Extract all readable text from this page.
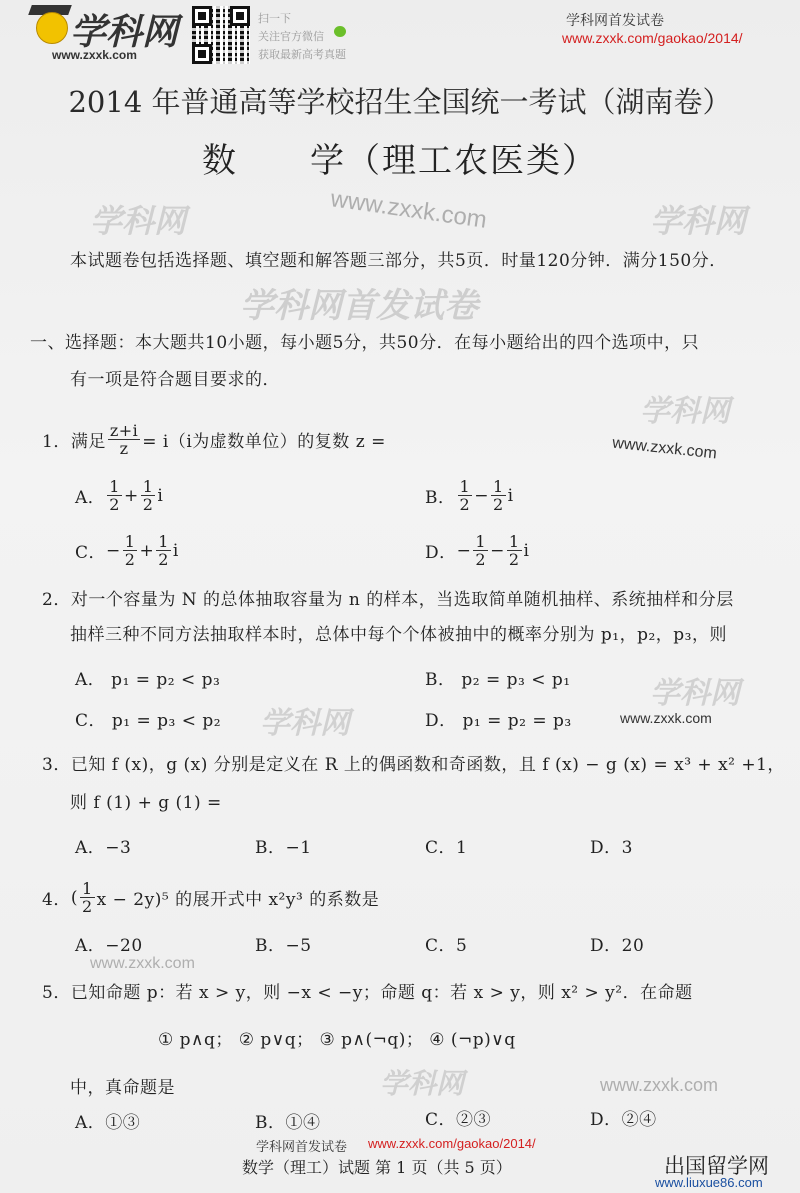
学科网
www.zxxk.com
扫一下
关注官方微信
获取最新高考真题
学科网首发试卷
www.zxxk.com/gaokao/2014/
2014 年普通高等学校招生全国统一考试（湖南卷）
数　　学（理工农医类）
www.zxxk.com
学科网	学科网
学科网首发试卷
学科网
www.zxxk.com
学科网
学科网
www.zxxk.com
www.zxxk.com
www.zxxk.com
学科网
本试题卷包括选择题、填空题和解答题三部分，共5页．时量120分钟．满分150分．
一、选择题：本大题共10小题，每小题5分，共50分．在每小题给出的四个选项中，只
有一项是符合题目要求的．
1． 满足 $\frac{z+i}{z} = i(i$为虚数单位）的复数 z =
A． $\frac{1}{2} + \frac{1}{2}$ i	B． $\frac{1}{2} - \frac{1}{2}$ i
C． − $\frac{1}{2} + \frac{1}{2}$ i	D． − $\frac{1}{2} - \frac{1}{2}$ i
2．对一个容量为 N 的总体抽取容量为 n 的样本，当选取简单随机抽样、系统抽样和分层
抽样三种不同方法抽取样本时，总体中每个个体被抽中的概率分别为 p₁，p₂，p₃，则
A． p₁ = p₂ < p₃	B． p₂ = p₃ < p₁
C． p₁ = p₃ < p₂	D． p₁ = p₂ = p₃
3．已知 f (x)，g (x) 分别是定义在 R 上的偶函数和奇函数，且 f (x) − g (x) = x³ + x² +1，
则 f (1) + g (1) =
A．−3	B．−1	C．1	D．3
4． ( $\frac{1}{2}$ x − 2y)⁵ 的展开式中 x²y³ 的系数是
A．−20	B．−5	C．5	D．20
5．已知命题 p：若 x > y，则 −x < −y；命题 q：若 x > y，则 x² > y²．在命题
① p∧q； ② p∨q； ③ p∧(¬q)； ④ (¬p)∨q
中，真命题是
A．①③	B．①④	C．②③	D．②④
学科网首发试卷 www.zxxk.com/gaokao/2014/
数学（理工）试题 第 1 页（共 5 页）	出国留学网
www.liuxue86.com
